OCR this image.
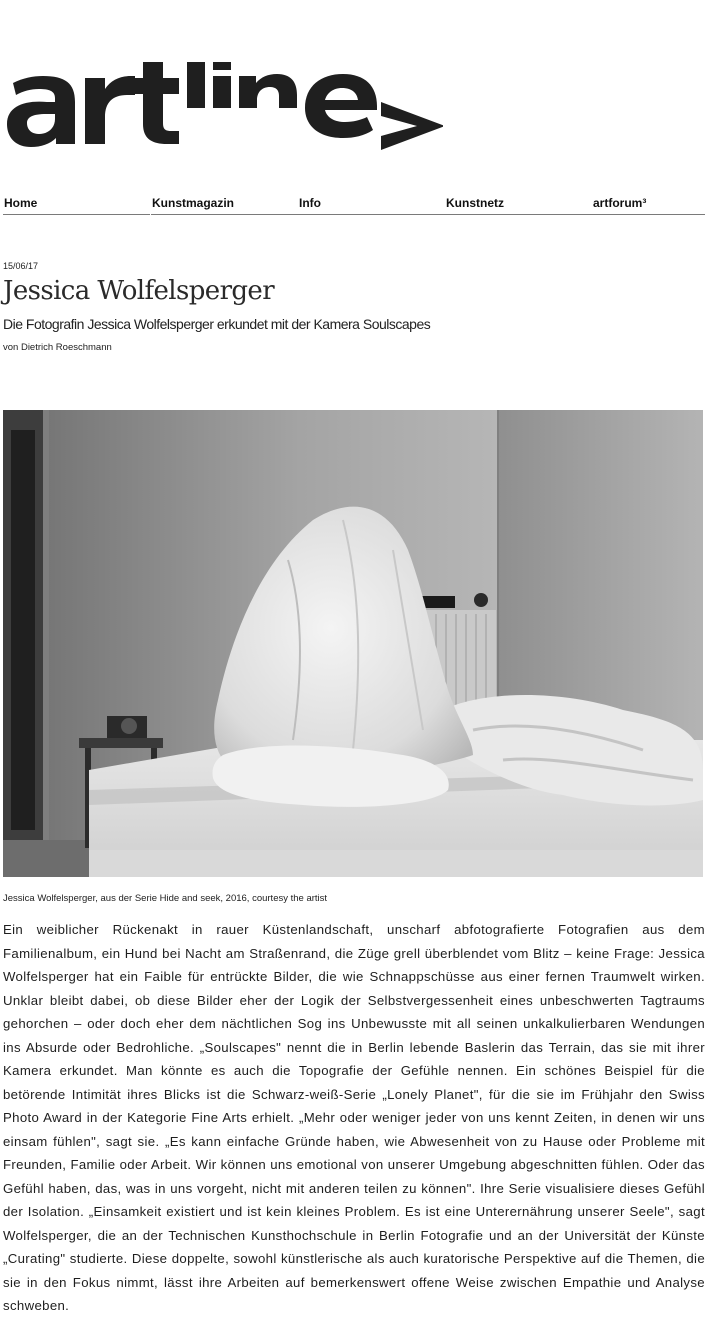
Home	Kunstmagazin	Info	Kunstnetz	artforum³
15/06/17
Jessica Wolfelsperger
Die Fotografin Jessica Wolfelsperger erkundet mit der Kamera Soulscapes
von Dietrich Roeschmann
Jessica Wolfelsperger, aus der Serie Hide and seek, 2016, courtesy the artist

Ein weiblicher Rückenakt in rauer Küstenlandschaft, unscharf abfotografierte Fotografien aus dem Familienalbum, ein Hund bei Nacht am Straßenrand, die Züge grell überblendet vom Blitz – keine Frage: Jessica Wolfelsperger hat ein Faible für entrückte Bilder, die wie Schnappschüsse aus einer fernen Traumwelt wirken. Unklar bleibt dabei, ob diese Bilder eher der Logik der Selbstvergessenheit eines unbeschwerten Tagtraums gehorchen – oder doch eher dem nächtlichen Sog ins Unbewusste mit all seinen unkalkulierbaren Wendungen ins Absurde oder Bedrohliche. „Soulscapes" nennt die in Berlin lebende Baslerin das Terrain, das sie mit ihrer Kamera erkundet. Man könnte es auch die Topografie der Gefühle nennen. Ein schönes Beispiel für die betörende Intimität ihres Blicks ist die Schwarz-weiß-Serie „Lonely Planet", für die sie im Frühjahr den Swiss Photo Award in der Kategorie Fine Arts erhielt. „Mehr oder weniger jeder von uns kennt Zeiten, in denen wir uns einsam fühlen", sagt sie. „Es kann einfache Gründe haben, wie Abwesenheit von zu Hause oder Probleme mit Freunden, Familie oder Arbeit. Wir können uns emotional von unserer Umgebung abgeschnitten fühlen. Oder das Gefühl haben, das, was in uns vorgeht, nicht mit anderen teilen zu können". Ihre Serie visualisiere dieses Gefühl der Isolation. „Einsamkeit existiert und ist kein kleines Problem. Es ist eine Unterernährung unserer Seele", sagt Wolfelsperger, die an der Technischen Kunsthochschule in Berlin Fotografie und an der Universität der Künste „Curating" studierte. Diese doppelte, sowohl künstlerische als auch kuratorische Perspektive auf die Themen, die sie in den Fokus nimmt, lässt ihre Arbeiten auf bemerkenswert offene Weise zwischen Empathie und Analyse schweben.
